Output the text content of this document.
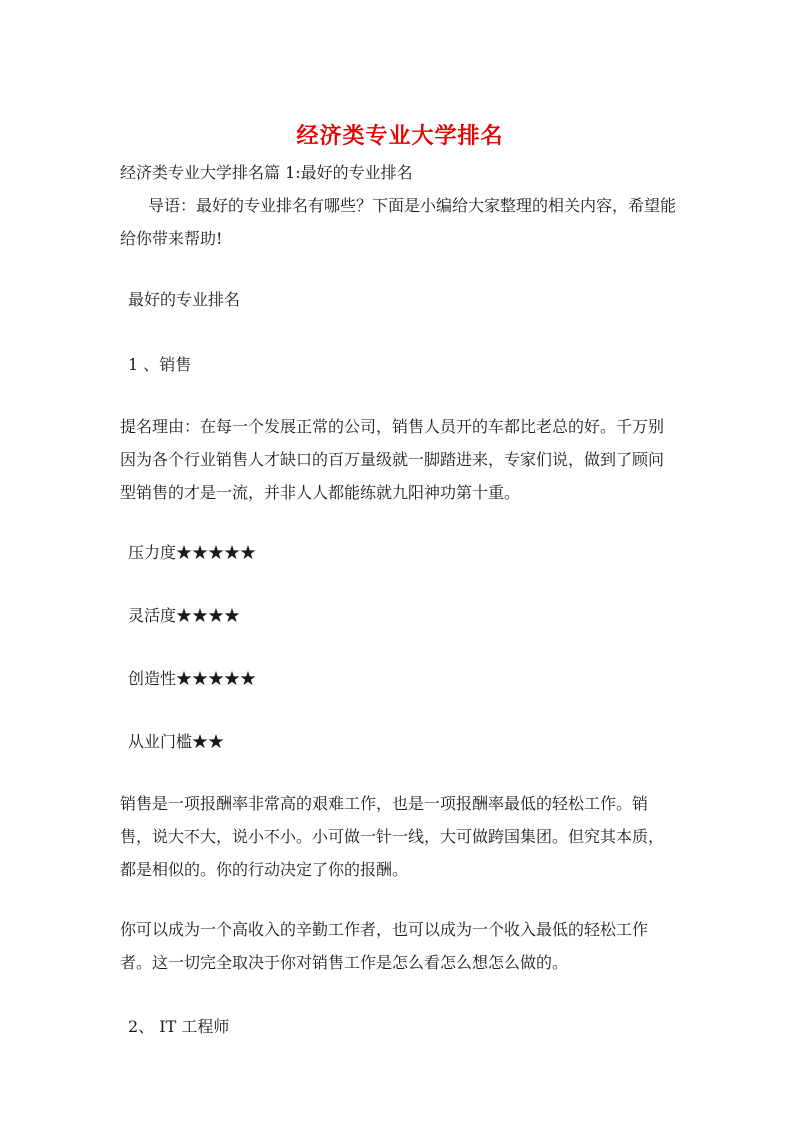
经济类专业大学排名
经济类专业大学排名篇 1:最好的专业排名
导语：最好的专业排名有哪些？下面是小编给大家整理的相关内容，希望能
给你带来帮助!
最好的专业排名
1 、销售
提名理由：在每一个发展正常的公司，销售人员开的车都比老总的好。千万别
因为各个行业销售人才缺口的百万量级就一脚踏进来，专家们说，做到了顾问
型销售的才是一流，并非人人都能练就九阳神功第十重。
压力度★★★★★
灵活度★★★★
创造性★★★★★
从业门槛★★
销售是一项报酬率非常高的艰难工作，也是一项报酬率最低的轻松工作。销
售，说大不大，说小不小。小可做一针一线，大可做跨国集团。但究其本质，
都是相似的。你的行动决定了你的报酬。
你可以成为一个高收入的辛勤工作者，也可以成为一个收入最低的轻松工作
者。这一切完全取决于你对销售工作是怎么看怎么想怎么做的。
2、 IT 工程师
